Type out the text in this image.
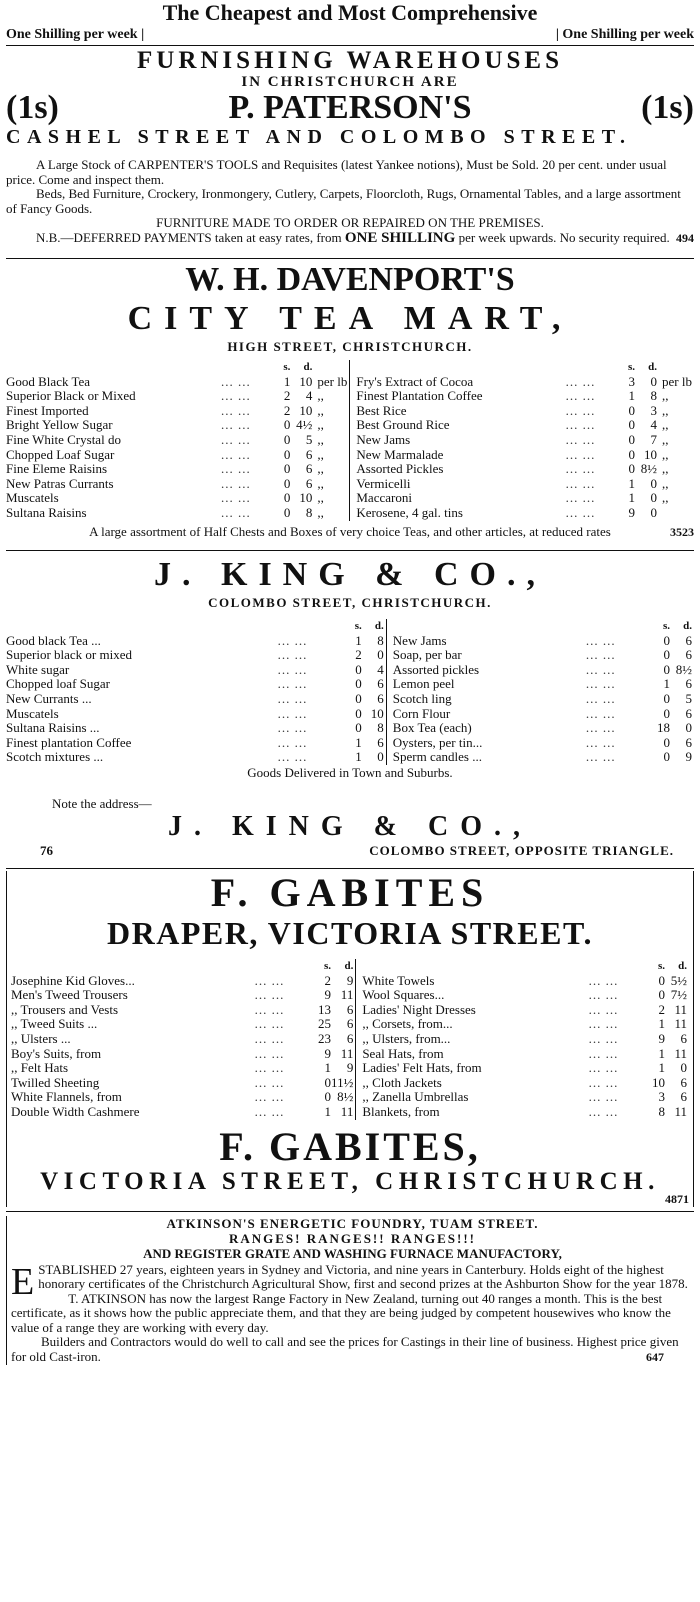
The Cheapest and Most Comprehensive
One Shilling per week |	| One Shilling per week
FURNISHING WAREHOUSES
IN CHRISTCHURCH ARE
(1s)	P. PATERSON'S	(1s)
CASHEL STREET AND COLOMBO STREET.

A Large Stock of CARPENTER'S TOOLS and Requisites (latest Yankee notions), Must be Sold. 20 per cent. under usual price. Come and inspect them.

Beds, Bed Furniture, Crockery, Ironmongery, Cutlery, Carpets, Floorcloth, Rugs, Ornamental Tables, and a large assortment of Fancy Goods.

FURNITURE MADE TO ORDER OR REPAIRED ON THE PREMISES.

N.B.—DEFERRED PAYMENTS taken at easy rates, from ONE SHILLING per week upwards. No security required. 494
W. H. DAVENPORT'S
CITY TEA MART,
HIGH STREET, CHRISTCHURCH.
		s.	d.					s.	d.	
Good Black Tea	... ...	1	10	per lb		Fry's Extract of Cocoa	... ...	3	0	per lb
Superior Black or Mixed	... ...	2	4	,,		Finest Plantation Coffee	... ...	1	8	,,
Finest Imported	... ...	2	10	,,		Best Rice	... ...	0	3	,,
Bright Yellow Sugar	... ...	0	4½	,,		Best Ground Rice	... ...	0	4	,,
Fine White Crystal do	... ...	0	5	,,		New Jams	... ...	0	7	,,
Chopped Loaf Sugar	... ...	0	6	,,		New Marmalade	... ...	0	10	,,
Fine Eleme Raisins	... ...	0	6	,,		Assorted Pickles	... ...	0	8½	,,
New Patras Currants	... ...	0	6	,,		Vermicelli	... ...	1	0	,,
Muscatels	... ...	0	10	,,		Maccaroni	... ...	1	0	,,
Sultana Raisins	... ...	0	8	,,		Kerosene, 4 gal. tins	... ...	9	0	

A large assortment of Half Chests and Boxes of very choice Teas, and other articles, at reduced rates	3523
J. KING & CO.,
COLOMBO STREET, CHRISTCHURCH.
		s.	d.				s.	d.
Good black Tea ...	... ...	1	8		New Jams	... ...	0	6
Superior black or mixed	... ...	2	0		Soap, per bar	... ...	0	6
White sugar	... ...	0	4		Assorted pickles	... ...	0	8½
Chopped loaf Sugar	... ...	0	6		Lemon peel	... ...	1	6
New Currants ...	... ...	0	6		Scotch ling	... ...	0	5
Muscatels	... ...	0	10		Corn Flour	... ...	0	6
Sultana Raisins ...	... ...	0	8		Box Tea (each)	... ...	18	0
Finest plantation Coffee	... ...	1	6		Oysters, per tin...	... ...	0	6
Scotch mixtures ...	... ...	1	0		Sperm candles ...	... ...	0	9
Goods Delivered in Town and Suburbs.
Note the address—
J. KING & CO.,
76	COLOMBO STREET, OPPOSITE TRIANGLE.
F. GABITES
DRAPER, VICTORIA STREET.
		s.	d.				s.	d.
Josephine Kid Gloves...	... ...	2	9		White Towels	... ...	0	5½
Men's Tweed Trousers	... ...	9	11		Wool Squares...	... ...	0	7½
,, Trousers and Vests	... ...	13	6		Ladies' Night Dresses	... ...	2	11
,, Tweed Suits ...	... ...	25	6		,, Corsets, from...	... ...	1	11
,, Ulsters ...	... ...	23	6		,, Ulsters, from...	... ...	9	6
Boy's Suits, from	... ...	9	11		Seal Hats, from	... ...	1	11
,, Felt Hats	... ...	1	9		Ladies' Felt Hats, from	... ...	1	0
Twilled Sheeting	... ...	0	11½		,, Cloth Jackets	... ...	10	6
White Flannels, from	... ...	0	8½		,, Zanella Umbrellas	... ...	3	6
Double Width Cashmere	... ...	1	11		Blankets, from	... ...	8	11
F. GABITES,
VICTORIA STREET, CHRISTCHURCH.
4871
ATKINSON'S ENERGETIC FOUNDRY, TUAM STREET.
RANGES! RANGES!! RANGES!!!
AND REGISTER GRATE AND WASHING FURNACE MANUFACTORY,

ESTABLISHED 27 years, eighteen years in Sydney and Victoria, and nine years in Canterbury. Holds eight of the highest honorary certificates of the Christchurch Agricultural Show, first and second prizes at the Ashburton Show for the year 1878.

T. ATKINSON has now the largest Range Factory in New Zealand, turning out 40 ranges a month. This is the best certificate, as it shows how the public appreciate them, and that they are being judged by competent housewives who know the value of a range they are working with every day.

Builders and Contractors would do well to call and see the prices for Castings in their line of business. Highest price given for old Cast-iron.	647
